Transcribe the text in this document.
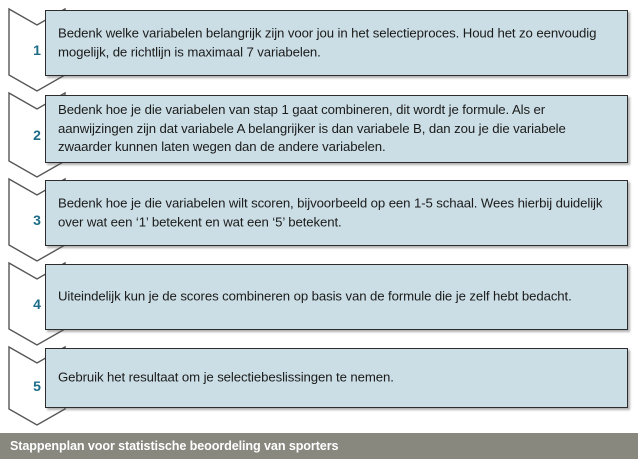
1
Bedenk welke variabelen belangrijk zijn voor jou in het selectieproces. Houd het zo eenvoudig mogelijk, de richtlijn is maximaal 7 variabelen.
2
Bedenk hoe je die variabelen van stap 1 gaat combineren, dit wordt je formule. Als er aanwijzingen zijn dat variabele A belangrijker is dan variabele B, dan zou je die variabele zwaarder kunnen laten wegen dan de andere variabelen.
3
Bedenk hoe je die variabelen wilt scoren, bijvoorbeeld op een 1-5 schaal. Wees hierbij duidelijk over wat een ‘1’ betekent en wat een ‘5’ betekent.
4	Uiteindelijk kun je de scores combineren op basis van de formule die je zelf hebt bedacht.
5
Gebruik het resultaat om je selectiebeslissingen te nemen.
Stappenplan voor statistische beoordeling van sporters
